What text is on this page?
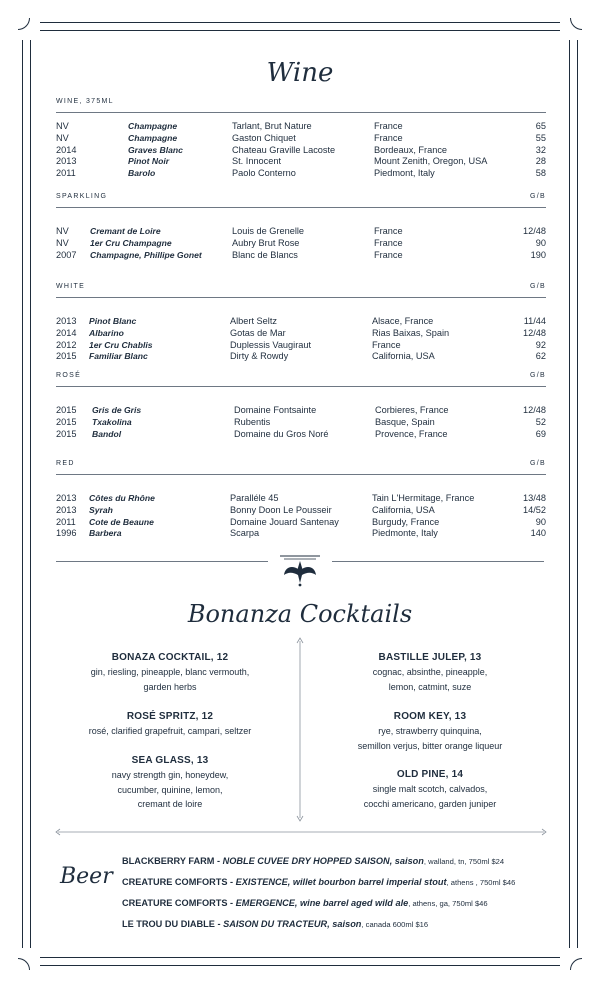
Wine
WINE, 375ML
NV	Champagne	Tarlant, Brut Nature	France	65
NV	Champagne	Gaston Chiquet	France	55
2014	Graves Blanc	Chateau Graville Lacoste	Bordeaux, France	32
2013	Pinot Noir	St. Innocent	Mount Zenith, Oregon, USA	28
2011	Barolo	Paolo Conterno	Piedmont, Italy	58
SPARKLING	G/B
NV Cremant de Loire	Louis de Grenelle	France	12/48
NV 1er Cru Champagne	Aubry Brut Rose	France	90
2007 Champagne, Phillipe Gonet	Blanc de Blancs	France	190
WHITE	G/B
2013 Pinot Blanc	Albert Seltz	Alsace, France	11/44
2014 Albarino	Gotas de Mar	Rias Baixas, Spain	12/48
2012 1er Cru Chablis	Duplessis Vaugiraut	France	92
2015 Familiar Blanc	Dirty & Rowdy	California, USA	62
ROSÉ	G/B
2015 Gris de Gris	Domaine Fontsainte	Corbieres, France	12/48
2015 Txakolina	Rubentis	Basque, Spain	52
2015 Bandol	Domaine du Gros Noré	Provence, France	69
RED	G/B
2013 Côtes du Rhône	Paralléle 45	Tain L'Hermitage, France	13/48
2013 Syrah	Bonny Doon Le Pousseir	California, USA	14/52
2011 Cote de Beaune	Domaine Jouard Santenay	Burgudy, France	90
1996 Barbera	Scarpa	Piedmonte, Italy	140
Bonanza Cocktails
BONAZA COCKTAIL, 12
gin, riesling, pineapple, blanc vermouth,
garden herbs
ROSÉ SPRITZ, 12
rosé, clarified grapefruit, campari, seltzer
SEA GLASS, 13
navy strength gin, honeydew,
cucumber, quinine, lemon,
cremant de loire
BASTILLE JULEP, 13
cognac, absinthe, pineapple,
lemon, catmint, suze
ROOM KEY, 13
rye, strawberry quinquina,
semillon verjus, bitter orange liqueur
OLD PINE, 14
single malt scotch, calvados,
cocchi americano, garden juniper
Beer
BLACKBERRY FARM - NOBLE CUVEE DRY HOPPED SAISON, saison, walland, tn, 750ml $24
CREATURE COMFORTS - EXISTENCE, willet bourbon barrel imperial stout, athens , 750ml $46
CREATURE COMFORTS - EMERGENCE, wine barrel aged wild ale, athens, ga, 750ml $46
LE TROU DU DIABLE - SAISON DU TRACTEUR, saison, canada 600ml $16
